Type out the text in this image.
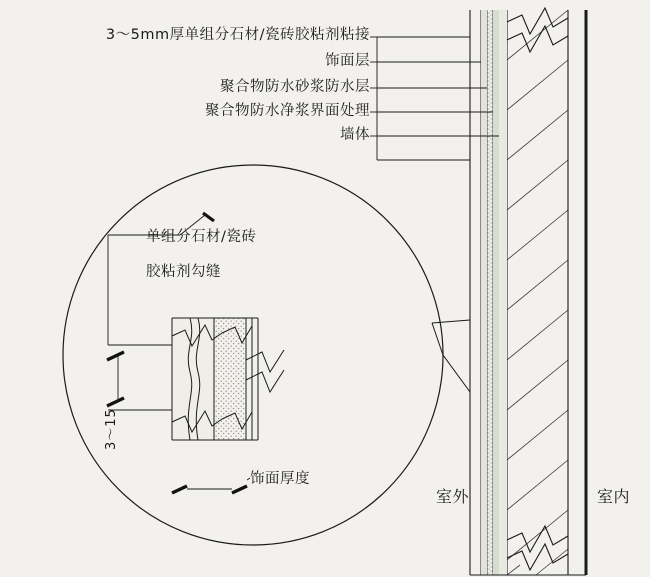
3～5mm厚单组分石材/瓷砖胶粘剂粘接
饰面层
聚合物防水砂浆防水层
聚合物防水净浆界面处理
墙体
单组分石材/瓷砖
胶粘剂勾缝
饰面厚度
3～15
室外	室内
